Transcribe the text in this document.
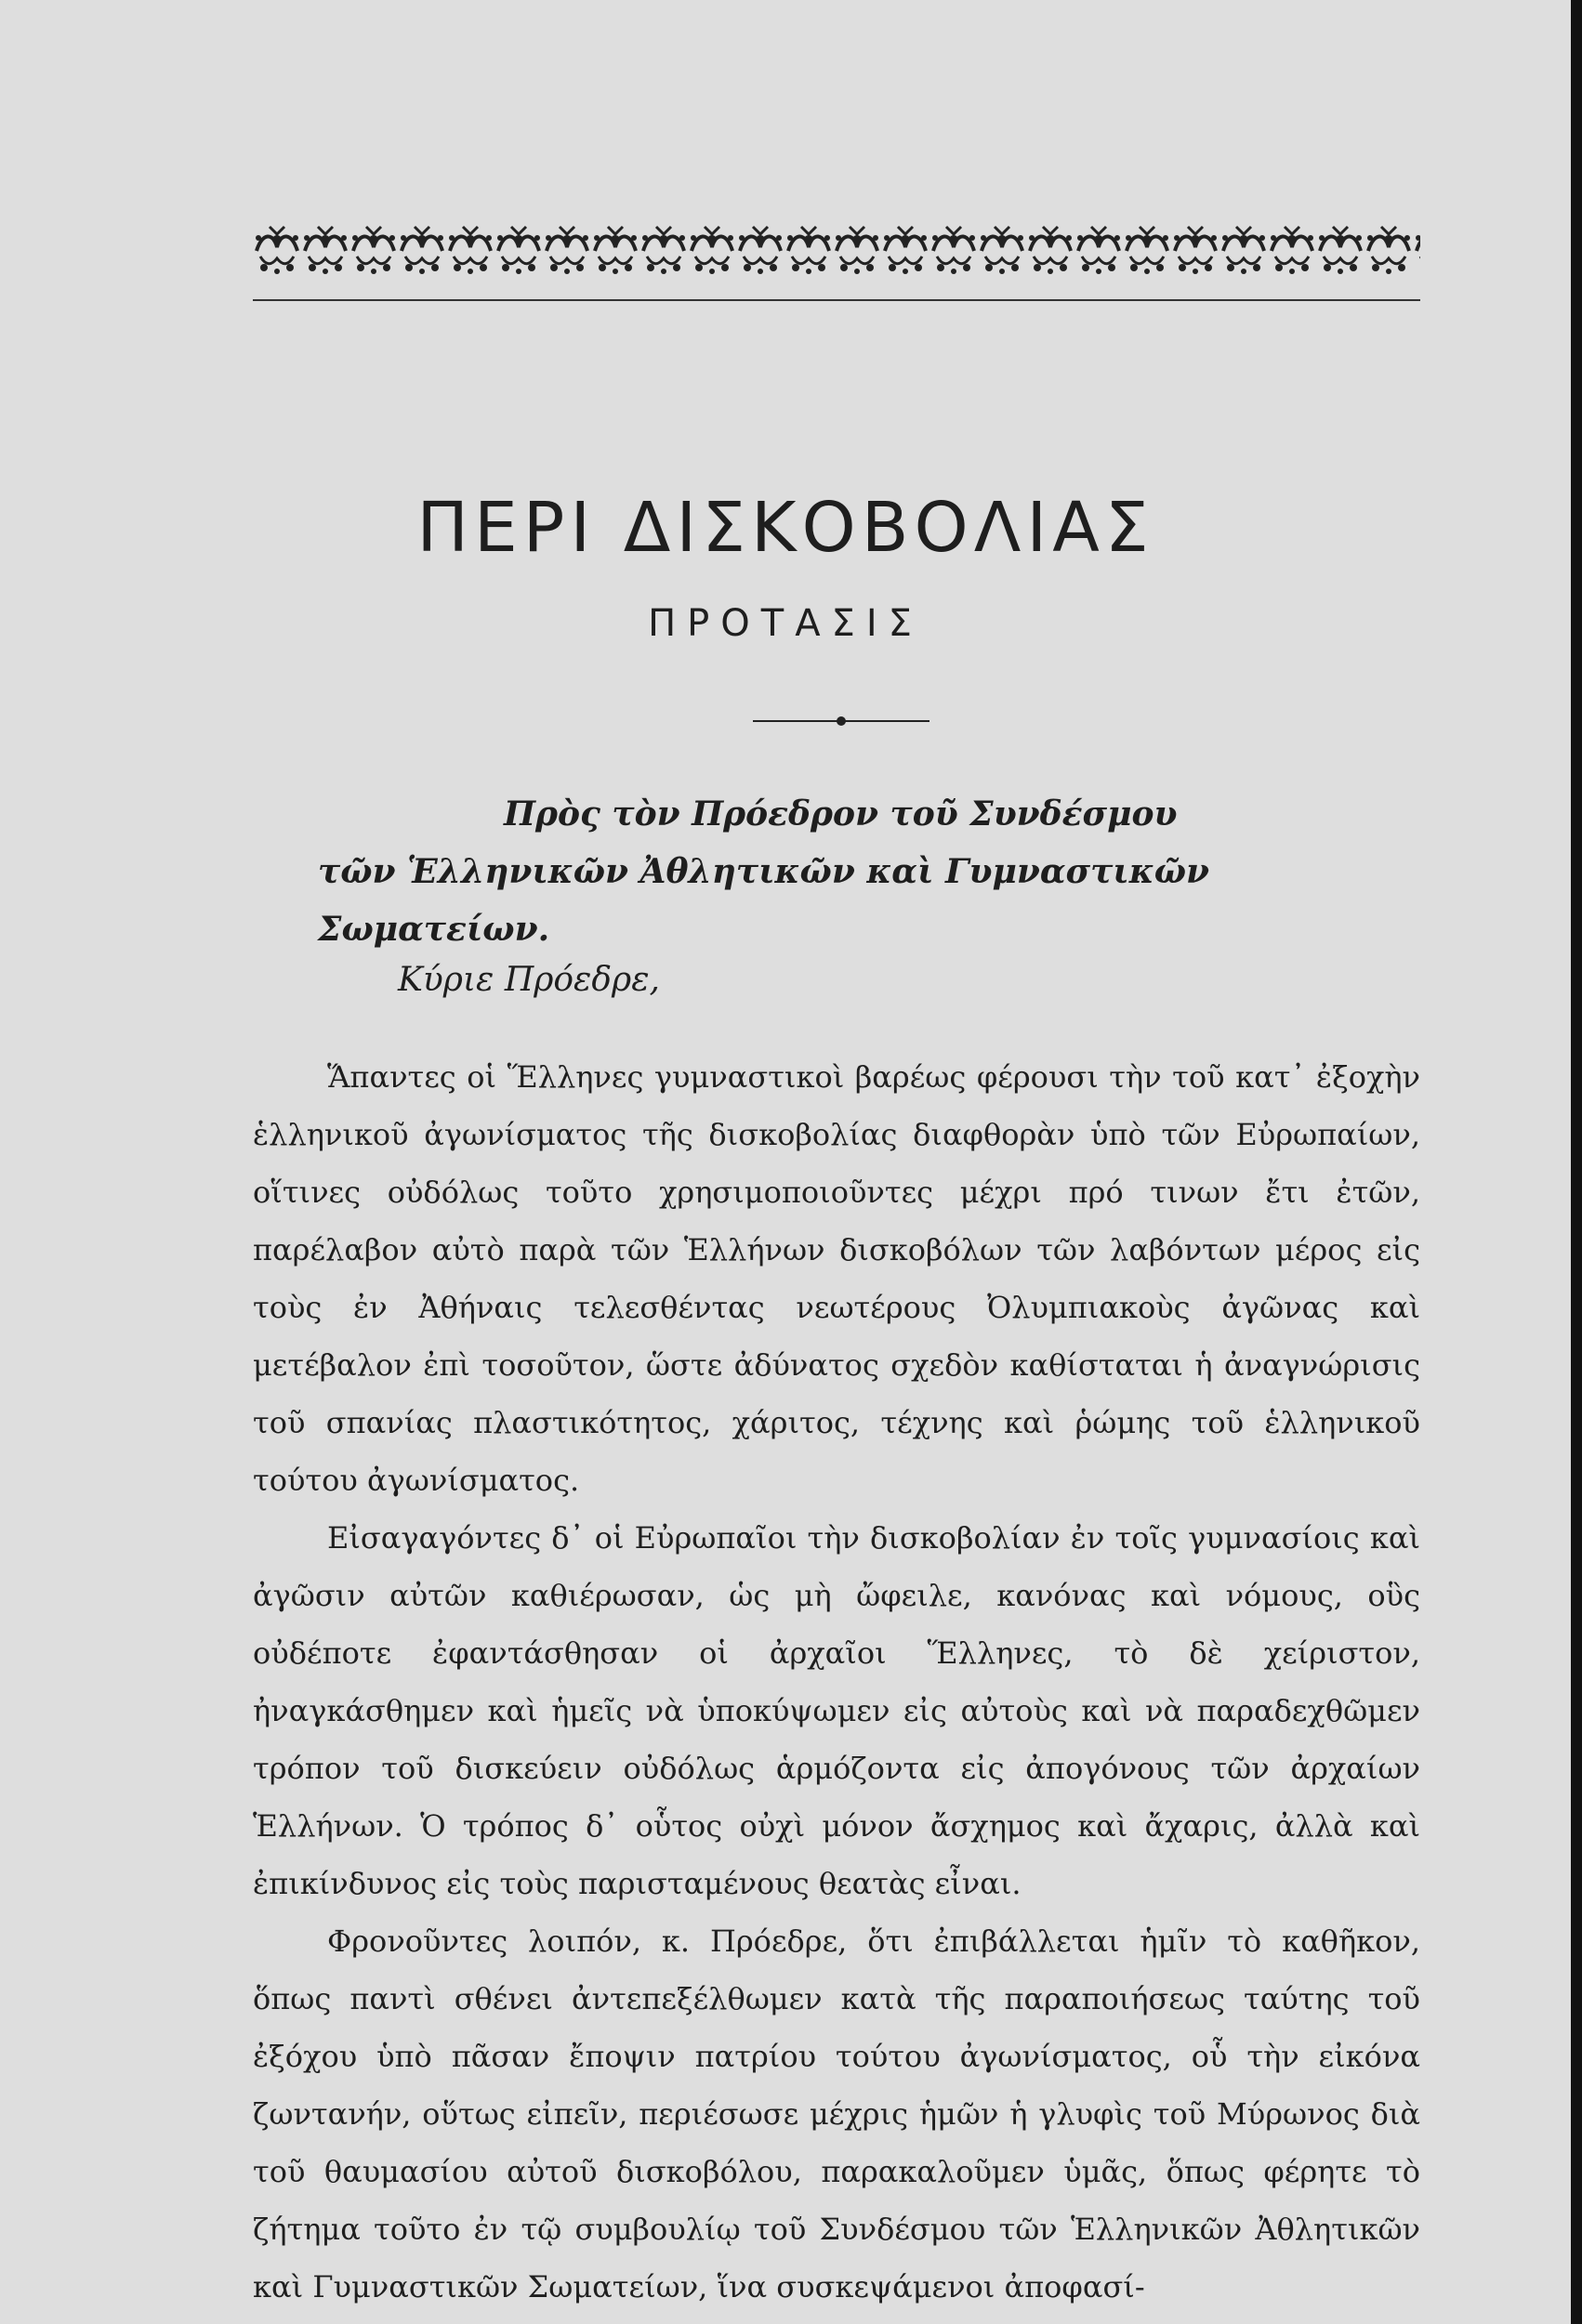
ΠΕΡΙ ΔΙΣΚΟΒΟΛΙΑΣ
ΠΡΟΤΑΣΙΣ
Πρὸς τὸν Πρόεδρον τοῦ Συνδέσμου
τῶν Ἑλληνικῶν Ἀθλητικῶν καὶ Γυμναστικῶν Σωματείων.
Κύριε Πρόεδρε,

Ἅπαντες οἱ Ἕλληνες γυμναστικοὶ βαρέως φέρουσι τὴν τοῦ κατ᾿ ἐξοχὴν ἑλληνικοῦ ἀγωνίσματος τῆς δισκοβολίας διαφθορὰν ὑπὸ τῶν Εὐρωπαίων, οἵτινες οὐδόλως τοῦτο χρησιμοποιοῦντες μέχρι πρό τινων ἔτι ἐτῶν, παρέλαβον αὐτὸ παρὰ τῶν Ἑλλήνων δισκοβόλων τῶν λαβόντων μέρος εἰς τοὺς ἐν Ἀθήναις τελεσθέντας νεωτέρους Ὀλυμπιακοὺς ἀγῶνας καὶ μετέβαλον ἐπὶ τοσοῦτον, ὥστε ἀδύνατος σχεδὸν καθίσταται ἡ ἀναγνώρισις τοῦ σπανίας πλαστικότητος, χάριτος, τέχνης καὶ ῥώμης τοῦ ἑλληνικοῦ τούτου ἀγωνίσματος.

Εἰσαγαγόντες δ᾿ οἱ Εὐρωπαῖοι τὴν δισκοβολίαν ἐν τοῖς γυμνασίοις καὶ ἀγῶσιν αὐτῶν καθιέρωσαν, ὡς μὴ ὤφειλε, κανόνας καὶ νόμους, οὓς οὐδέποτε ἐφαντάσθησαν οἱ ἀρχαῖοι Ἕλληνες, τὸ δὲ χείριστον, ἠναγκάσθημεν καὶ ἡμεῖς νὰ ὑποκύψωμεν εἰς αὐτοὺς καὶ νὰ παραδεχθῶμεν τρόπον τοῦ δισκεύειν οὐδόλως ἁρμόζοντα εἰς ἀπογόνους τῶν ἀρχαίων Ἑλλήνων. Ὁ τρόπος δ᾿ οὗτος οὐχὶ μόνον ἄσχημος καὶ ἄχαρις, ἀλλὰ καὶ ἐπικίνδυνος εἰς τοὺς παρισταμένους θεατὰς εἶναι.

Φρονοῦντες λοιπόν, κ. Πρόεδρε, ὅτι ἐπιβάλλεται ἡμῖν τὸ καθῆκον, ὅπως παντὶ σθένει ἀντεπεξέλθωμεν κατὰ τῆς παραποιήσεως ταύτης τοῦ ἐξόχου ὑπὸ πᾶσαν ἔποψιν πατρίου τούτου ἀγωνίσματος, οὗ τὴν εἰκόνα ζωντανήν, οὕτως εἰπεῖν, περιέσωσε μέχρις ἡμῶν ἡ γλυφὶς τοῦ Μύρωνος διὰ τοῦ θαυμασίου αὐτοῦ δισκοβόλου, παρακαλοῦμεν ὑμᾶς, ὅπως φέρητε τὸ ζήτημα τοῦτο ἐν τῷ συμβουλίῳ τοῦ Συνδέσμου τῶν Ἑλληνικῶν Ἀθλητικῶν καὶ Γυμναστικῶν Σωματείων, ἵνα συσκεψάμενοι ἀποφασί-
